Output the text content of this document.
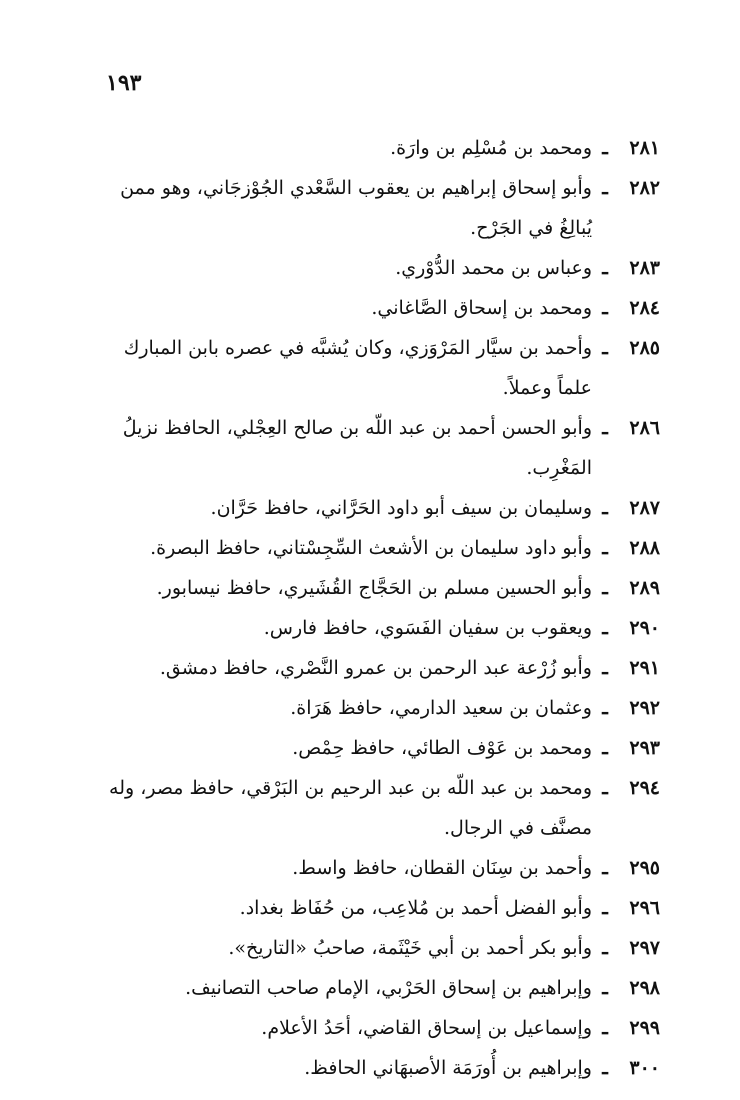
١٩٣
٢٨١
ـ
ومحمد بن مُسْلِم بن وارَة.
٢٨٢
ـ
وأبو إسحاق إبراهيم بن يعقوب السَّعْدي الجُوْزجَاني، وهو ممن يُبالِغُ في الجَرْح.
٢٨٣
ـ
وعباس بن محمد الدُّوْري.
٢٨٤
ـ
ومحمد بن إسحاق الصَّاغاني.
٢٨٥
ـ
وأحمد بن سيَّار المَرْوَزي، وكان يُشبَّه في عصره بابن المبارك علماً وعملاً.
٢٨٦
ـ
وأبو الحسن أحمد بن عبد اللّه بن صالح العِجْلي، الحافظ نزيلُ المَغْرِب.
٢٨٧
ـ
وسليمان بن سيف أبو داود الحَرَّاني، حافظ حَرَّان.
٢٨٨
ـ
وأبو داود سليمان بن الأشعث السِّجِسْتاني، حافظ البصرة.
٢٨٩
ـ
وأبو الحسين مسلم بن الحَجَّاج القُشَيري، حافظ نيسابور.
٢٩٠
ـ
ويعقوب بن سفيان الفَسَوي، حافظ فارس.
٢٩١
ـ
وأبو زُرْعة عبد الرحمن بن عمرو النَّصْري، حافظ دمشق.
٢٩٢
ـ
وعثمان بن سعيد الدارمي، حافظ هَرَاة.
٢٩٣
ـ
ومحمد بن عَوْف الطائي، حافظ حِمْص.
٢٩٤
ـ
ومحمد بن عبد اللّه بن عبد الرحيم بن البَرْقي، حافظ مصر، وله مصنَّف في الرجال.
٢٩٥
ـ
وأحمد بن سِنَان القطان، حافظ واسط.
٢٩٦
ـ
وأبو الفضل أحمد بن مُلاعِب، من حُفَاظ بغداد.
٢٩٧
ـ
وأبو بكر أحمد بن أبي خَيْثَمة، صاحبُ «التاريخ».
٢٩٨
ـ
وإبراهيم بن إسحاق الحَرْبي، الإمام صاحب التصانيف.
٢٩٩
ـ
وإسماعيل بن إسحاق القاضي، أحَدُ الأعلام.
٣٠٠
ـ
وإبراهيم بن أُورَمَة الأصبهَاني الحافظ.
